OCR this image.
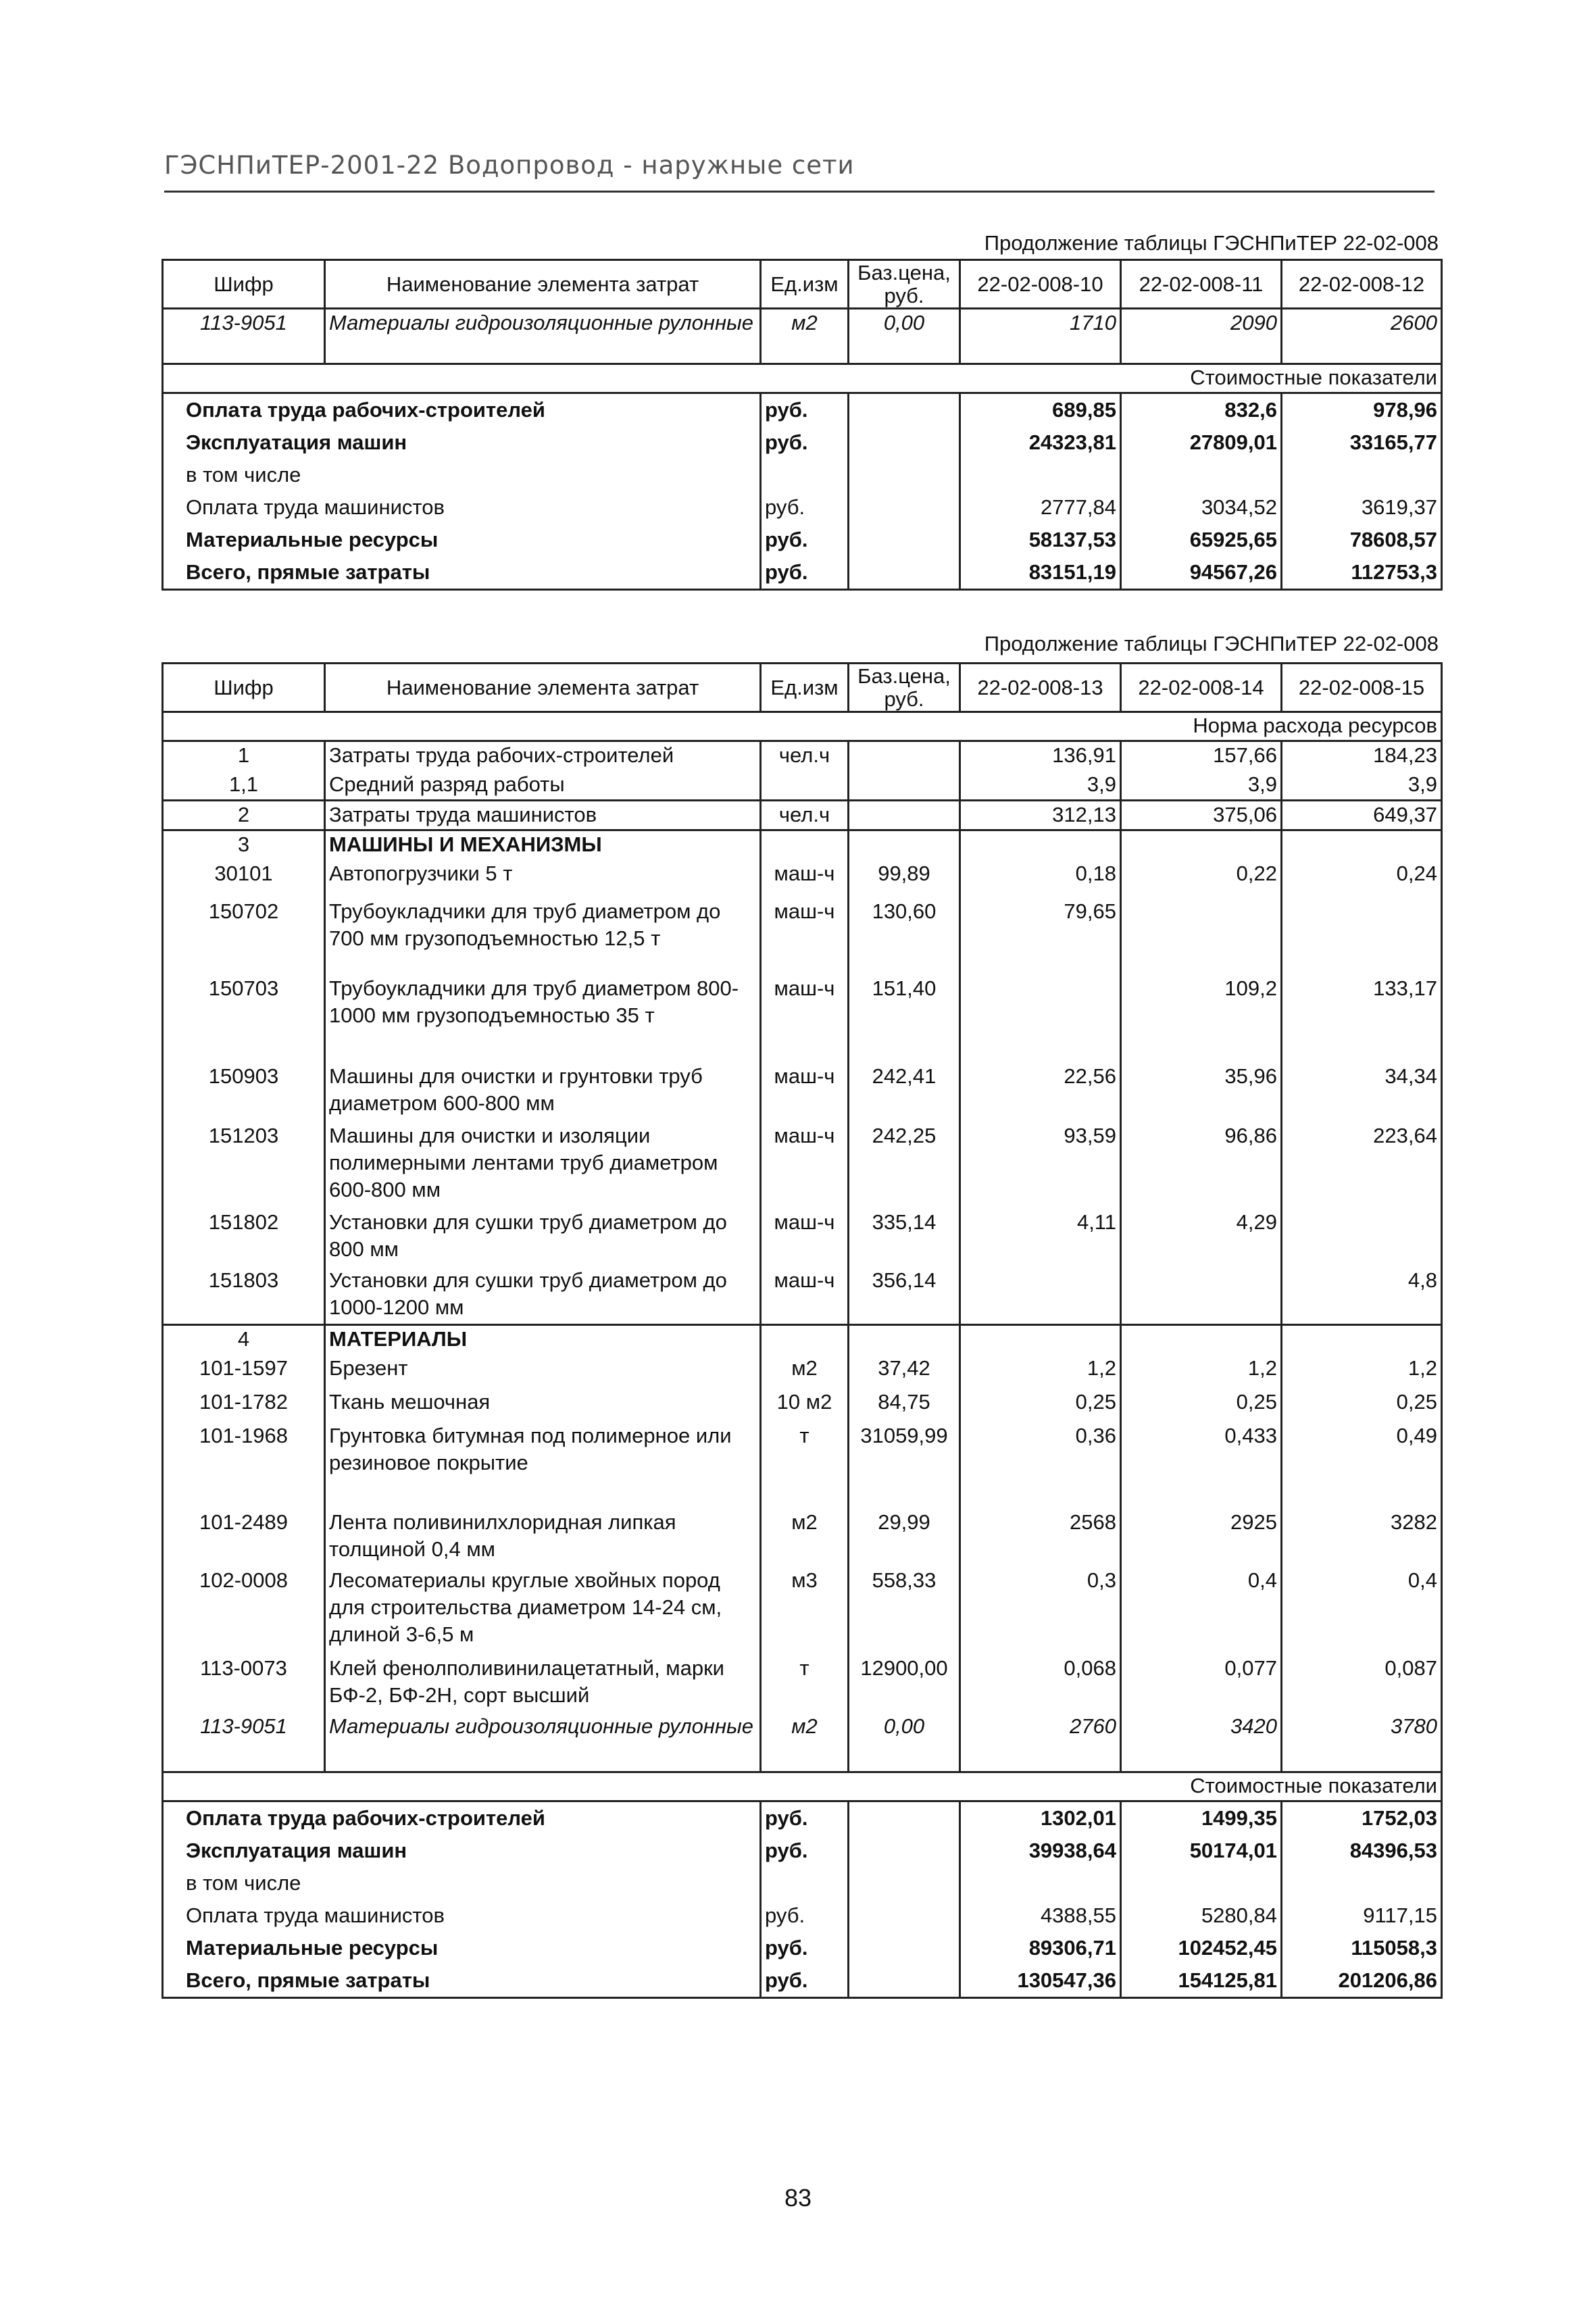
ГЭСНПиТЕР-2001-22 Водопровод - наружные сети
Продолжение таблицы ГЭСНПиТЕР 22-02-008
Шифр	Наименование элемента затрат	Ед.изм	Баз.цена, руб.	22-02-008-10	22-02-008-11	22-02-008-12
113-9051	Материалы гидроизоляционные рулонные	м2	0,00	1710	2090	2600
Стоимостные показатели						
Оплата труда рабочих-строителей		руб.		689,85	832,6	978,96
Эксплуатация машин		руб.		24323,81	27809,01	33165,77
в том числе						
Оплата труда машинистов		руб.		2777,84	3034,52	3619,37
Материальные ресурсы		руб.		58137,53	65925,65	78608,57
Всего, прямые затраты		руб.		83151,19	94567,26	112753,3
Продолжение таблицы ГЭСНПиТЕР 22-02-008
Шифр	Наименование элемента затрат	Ед.изм	Баз.цена, руб.	22-02-008-13	22-02-008-14	22-02-008-15
Норма расхода ресурсов						
1	Затраты труда рабочих-строителей	чел.ч		136,91	157,66	184,23
1,1	Средний разряд работы			3,9	3,9	3,9
2	Затраты труда машинистов	чел.ч		312,13	375,06	649,37
3	МАШИНЫ И МЕХАНИЗМЫ					
30101	Автопогрузчики 5 т	маш-ч	99,89	0,18	0,22	0,24
150702	Трубоукладчики для труб диаметром до 700 мм грузоподъемностью 12,5 т	маш-ч	130,60	79,65		
150703	Трубоукладчики для труб диаметром 800-1000 мм грузоподъемностью 35 т	маш-ч	151,40		109,2	133,17
150903	Машины для очистки и грунтовки труб диаметром 600-800 мм	маш-ч	242,41	22,56	35,96	34,34
151203	Машины для очистки и изоляции полимерными лентами труб диаметром 600-800 мм	маш-ч	242,25	93,59	96,86	223,64
151802	Установки для сушки труб диаметром до 800 мм	маш-ч	335,14	4,11	4,29	
151803	Установки для сушки труб диаметром до 1000-1200 мм	маш-ч	356,14			4,8
4	МАТЕРИАЛЫ					
101-1597	Брезент	м2	37,42	1,2	1,2	1,2
101-1782	Ткань мешочная	10 м2	84,75	0,25	0,25	0,25
101-1968	Грунтовка битумная под полимерное или резиновое покрытие	т	31059,99	0,36	0,433	0,49
101-2489	Лента поливинилхлоридная липкая толщиной 0,4 мм	м2	29,99	2568	2925	3282
102-0008	Лесоматериалы круглые хвойных пород для строительства диаметром 14-24 см, длиной 3-6,5 м	м3	558,33	0,3	0,4	0,4
113-0073	Клей фенолполивинилацетатный, марки БФ-2, БФ-2Н, сорт высший	т	12900,00	0,068	0,077	0,087
113-9051	Материалы гидроизоляционные рулонные	м2	0,00	2760	3420	3780
Стоимостные показатели						
Оплата труда рабочих-строителей		руб.		1302,01	1499,35	1752,03
Эксплуатация машин		руб.		39938,64	50174,01	84396,53
в том числе						
Оплата труда машинистов		руб.		4388,55	5280,84	9117,15
Материальные ресурсы		руб.		89306,71	102452,45	115058,3
Всего, прямые затраты		руб.		130547,36	154125,81	201206,86
83
